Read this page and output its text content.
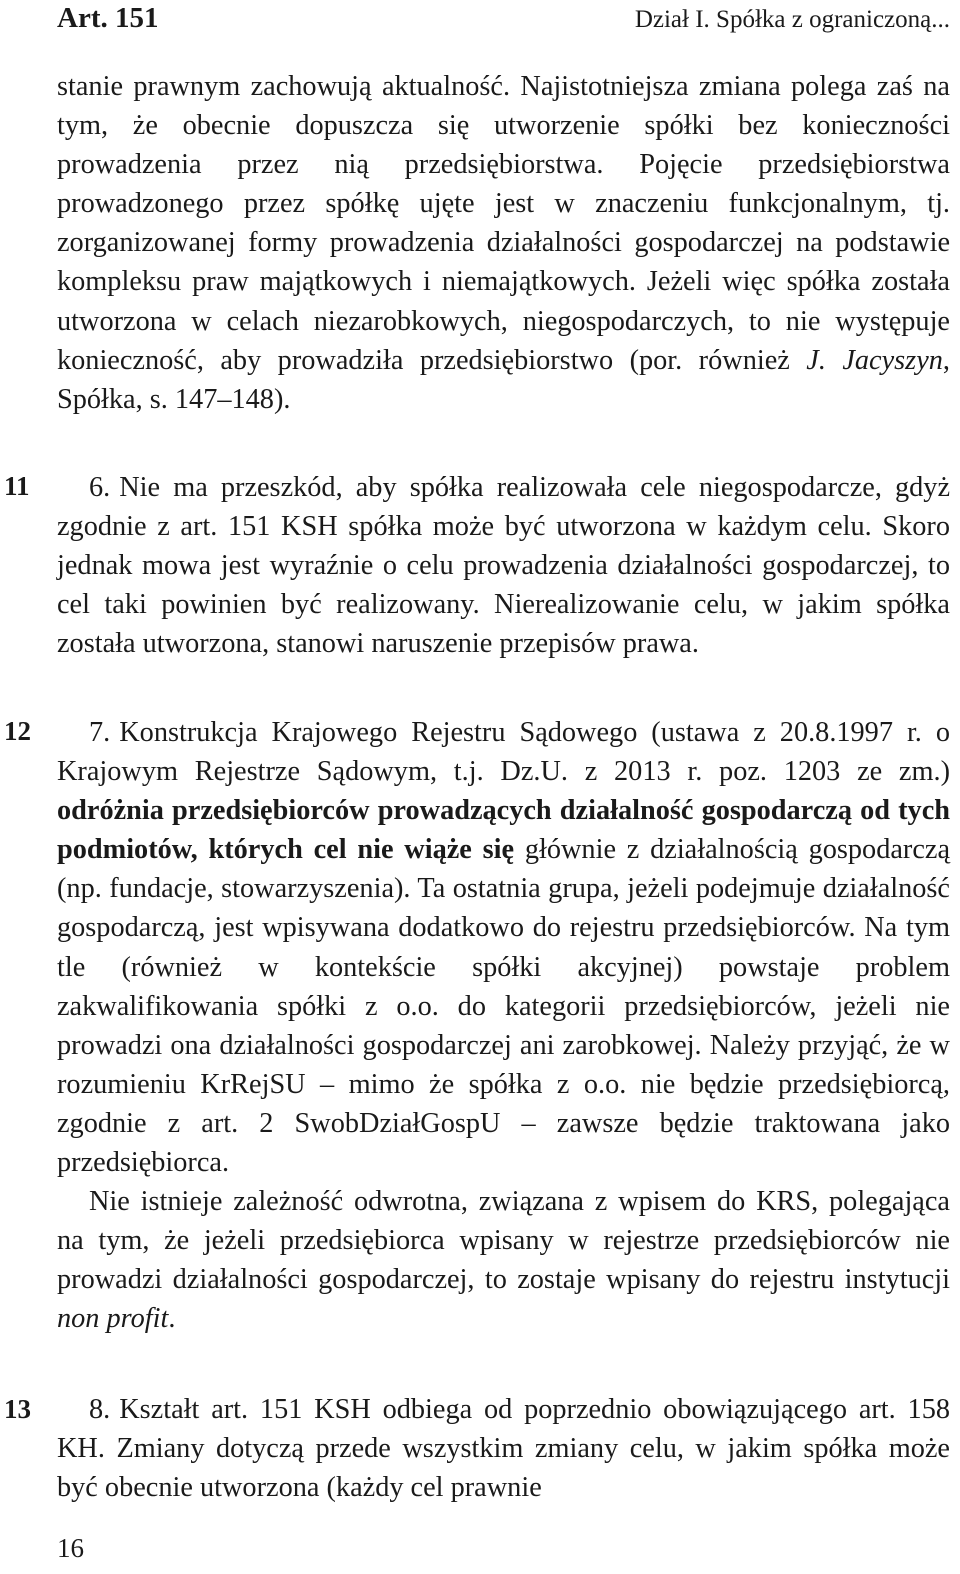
Art. 151	Dział I. Spółka z ograniczoną...

stanie prawnym zachowują aktualność. Najistotniejsza zmiana polega zaś na tym, że obecnie dopuszcza się utworzenie spółki bez konieczności prowadzenia przez nią przedsiębiorstwa. Pojęcie przedsiębiorstwa prowadzonego przez spółkę ujęte jest w znaczeniu funkcjonalnym, tj. zorganizowanej formy prowadzenia działalności gospodarczej na podstawie kompleksu praw majątkowych i niemajątkowych. Jeżeli więc spółka została utworzona w celach niezarobkowych, niegospodarczych, to nie występuje konieczność, aby prowadziła przedsiębiorstwo (por. również J. Jacyszyn, Spółka, s. 147–148).

11	6. Nie ma przeszkód, aby spółka realizowała cele niegospodarcze, gdyż zgodnie z art. 151 KSH spółka może być utworzona w każdym celu. Skoro jednak mowa jest wyraźnie o celu prowadzenia działalności gospodarczej, to cel taki powinien być realizowany. Nierealizowanie celu, w jakim spółka została utworzona, stanowi naruszenie przepisów prawa.

12	7. Konstrukcja Krajowego Rejestru Sądowego (ustawa z 20.8.1997 r. o Krajowym Rejestrze Sądowym, t.j. Dz.U. z 2013 r. poz. 1203 ze zm.) odróżnia przedsiębiorców prowadzących działalność gospodarczą od tych podmiotów, których cel nie wiąże się głównie z działalnością gospodarczą (np. fundacje, stowarzyszenia). Ta ostatnia grupa, jeżeli podejmuje działalność gospodarczą, jest wpisywana dodatkowo do rejestru przedsiębiorców. Na tym tle (również w kontekście spółki akcyjnej) powstaje problem zakwalifikowania spółki z o.o. do kategorii przedsiębiorców, jeżeli nie prowadzi ona działalności gospodarczej ani zarobkowej. Należy przyjąć, że w rozumieniu KrRejSU – mimo że spółka z o.o. nie będzie przedsiębiorcą, zgodnie z art. 2 SwobDziałGospU – zawsze będzie traktowana jako przedsiębiorca.

Nie istnieje zależność odwrotna, związana z wpisem do KRS, polegająca na tym, że jeżeli przedsiębiorca wpisany w rejestrze przedsiębiorców nie prowadzi działalności gospodarczej, to zostaje wpisany do rejestru instytucji non profit.

13	8. Kształt art. 151 KSH odbiega od poprzednio obowiązującego art. 158 KH. Zmiany dotyczą przede wszystkim zmiany celu, w jakim spółka może być obecnie utworzona (każdy cel prawnie

16
